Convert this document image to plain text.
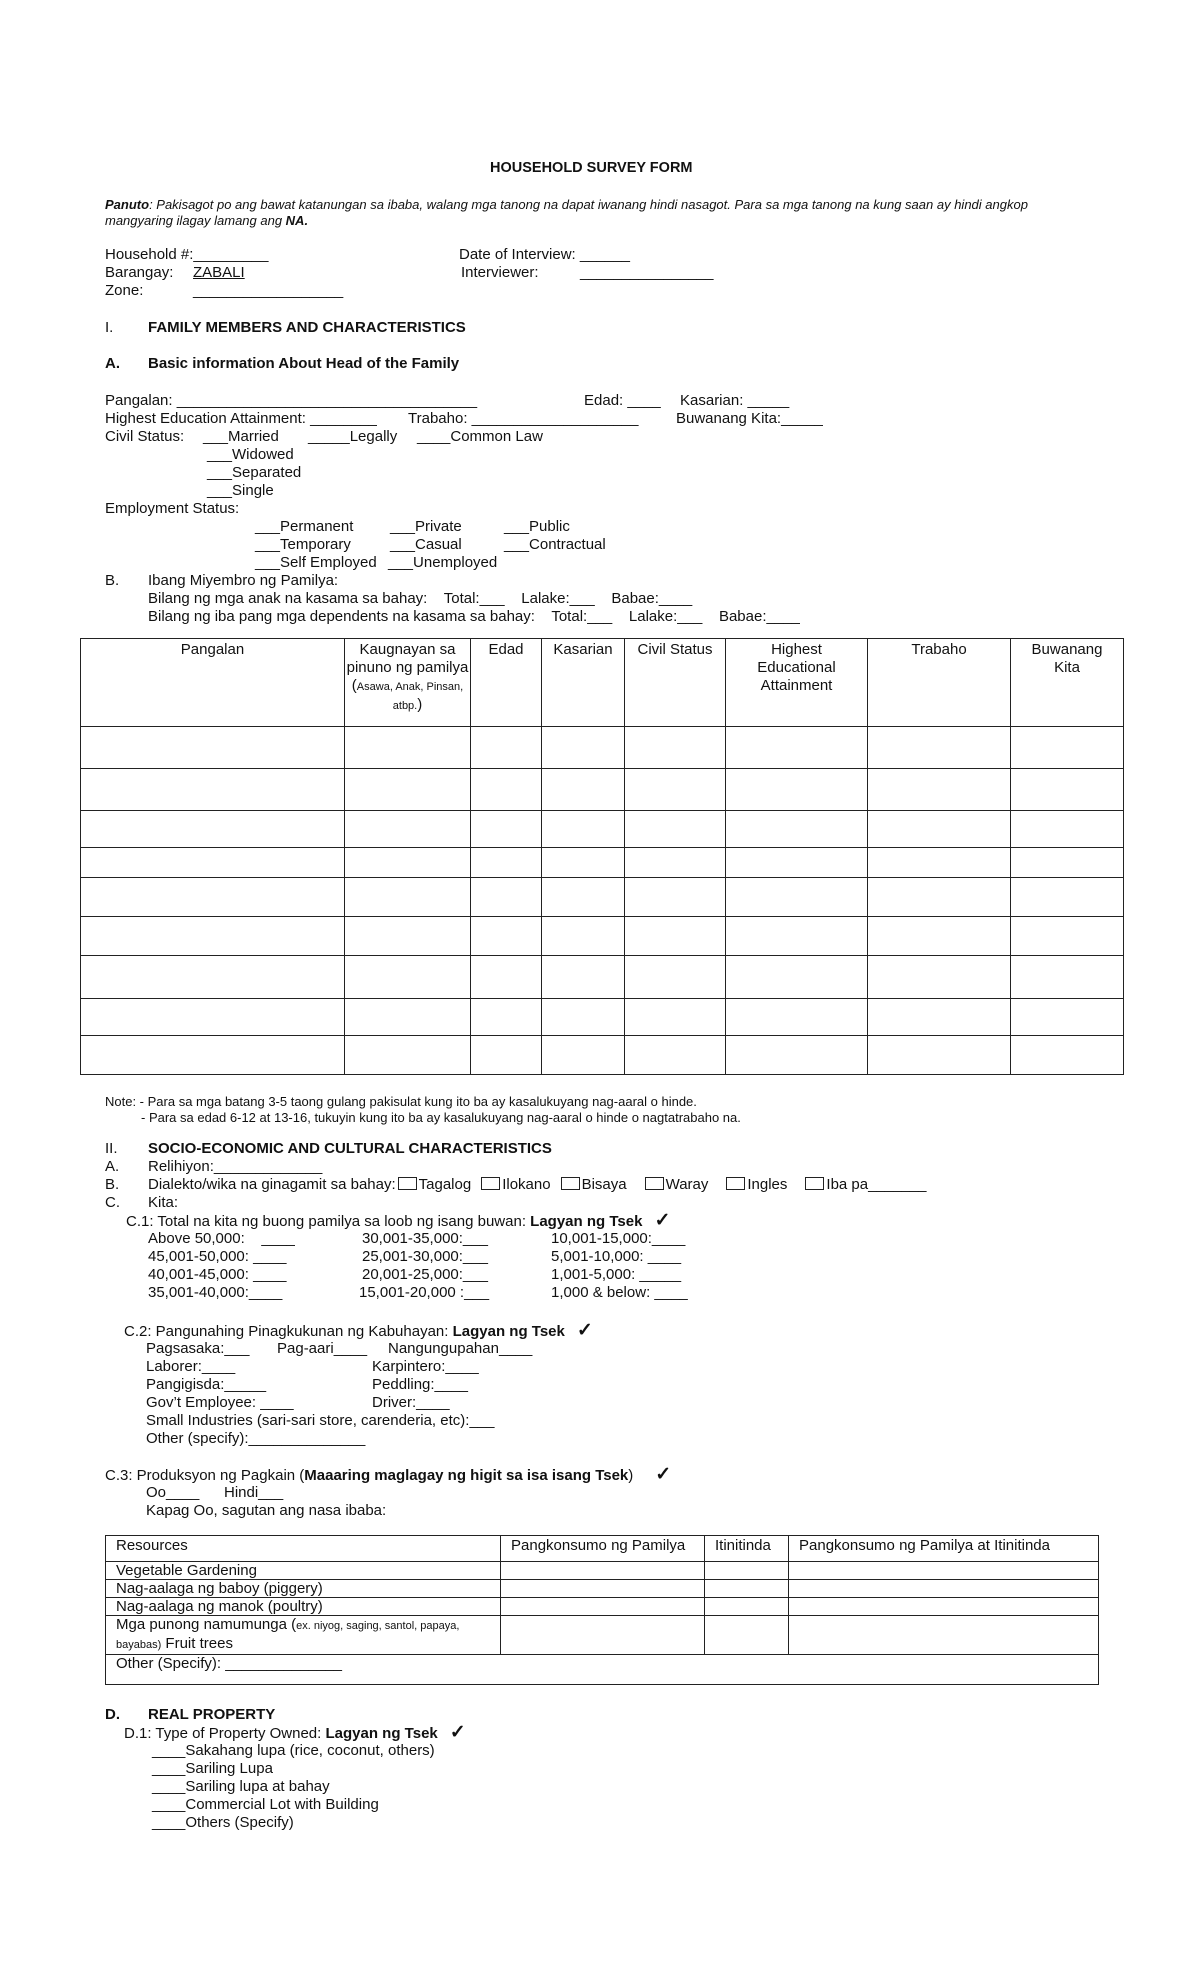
HOUSEHOLD SURVEY FORM
Panuto: Pakisagot po ang bawat katanungan sa ibaba, walang mga tanong na dapat iwanang hindi nasagot. Para sa mga tanong na kung saan ay hindi angkop
mangyaring ilagay lamang ang NA.
Household #:_________	Date of Interview: ______
Barangay: ZABALI	Interviewer:	________________
Zone:	__________________
I. FAMILY MEMBERS AND CHARACTERISTICS
A. Basic information About Head of the Family
Pangalan: ____________________________________	Edad: ____ Kasarian: _____
Highest Education Attainment: ________ Trabaho: ____________________	Buwanang Kita:_____
Civil Status: ___Married _____Legally ____Common Law
___Widowed
___Separated
___Single
Employment Status:
___Permanent ___Private	___Public
___Temporary	___Casual	___Contractual
___Self Employed ___Unemployed
B. Ibang Miyembro ng Pamilya:
Bilang ng mga anak na kasama sa bahay:    Total:___    Lalake:___    Babae:____
Bilang ng iba pang mga dependents na kasama sa bahay:    Total:___    Lalake:___    Babae:____
Pangalan	Kaugnayan sa pinuno ng pamilya (Asawa, Anak, Pinsan, atbp.)	Edad	Kasarian	Civil Status	Highest Educational Attainment	Trabaho	Buwanang Kita

Note: - Para sa mga batang 3-5 taong gulang pakisulat kung ito ba ay kasalukuyang nag-aaral o hinde.
- Para sa edad 6-12 at 13-16, tukuyin kung ito ba ay kasalukuyang nag-aaral o hinde o nagtatrabaho na.
II. SOCIO-ECONOMIC AND CULTURAL CHARACTERISTICS
A. Relihiyon:_____________
B. Dialekto/wika na ginagamit sa bahay: Tagalog Ilokano Bisaya	Waray	Ingles	Iba pa_______
C. Kita:
C.1: Total na kita ng buong pamilya sa loob ng isang buwan: Lagyan ng Tsek ✓
Above 50,000:    ____
45,001-50,000: ____
40,001-45,000: ____
35,001-40,000:____
30,001-35,000:___
25,001-30,000:___
20,001-25,000:___
15,001-20,000 :___
10,001-15,000:____
5,001-10,000: ____
1,001-5,000: _____
1,000 & below: ____
C.2: Pangunahing Pinagkukunan ng Kabuhayan: Lagyan ng Tsek ✓
Pagsasaka:___ Pag-aari____ Nangungupahan____
Laborer:____	Karpintero:____
Pangigisda:_____	Peddling:____
Gov’t Employee: ____	Driver:____
Small Industries (sari-sari store, carenderia, etc):___
Other (specify):______________
C.3: Produksyon ng Pagkain (Maaaring maglagay ng higit sa isa isang Tsek) ✓
Oo____ Hindi___
Kapag Oo, sagutan ang nasa ibaba:
Resources	Pangkonsumo ng Pamilya	Itinitinda	Pangkonsumo ng Pamilya at Itinitinda
Vegetable Gardening			
Nag-aalaga ng baboy (piggery)			
Nag-aalaga ng manok (poultry)			
Mga punong namumunga (ex. niyog, saging, santol, papaya,
bayabas) Fruit trees			
Other (Specify): ______________			
D. REAL PROPERTY
D.1: Type of Property Owned: Lagyan ng Tsek ✓
____Sakahang lupa (rice, coconut, others)
____Sariling Lupa
____Sariling lupa at bahay
____Commercial Lot with Building
____Others (Specify)
